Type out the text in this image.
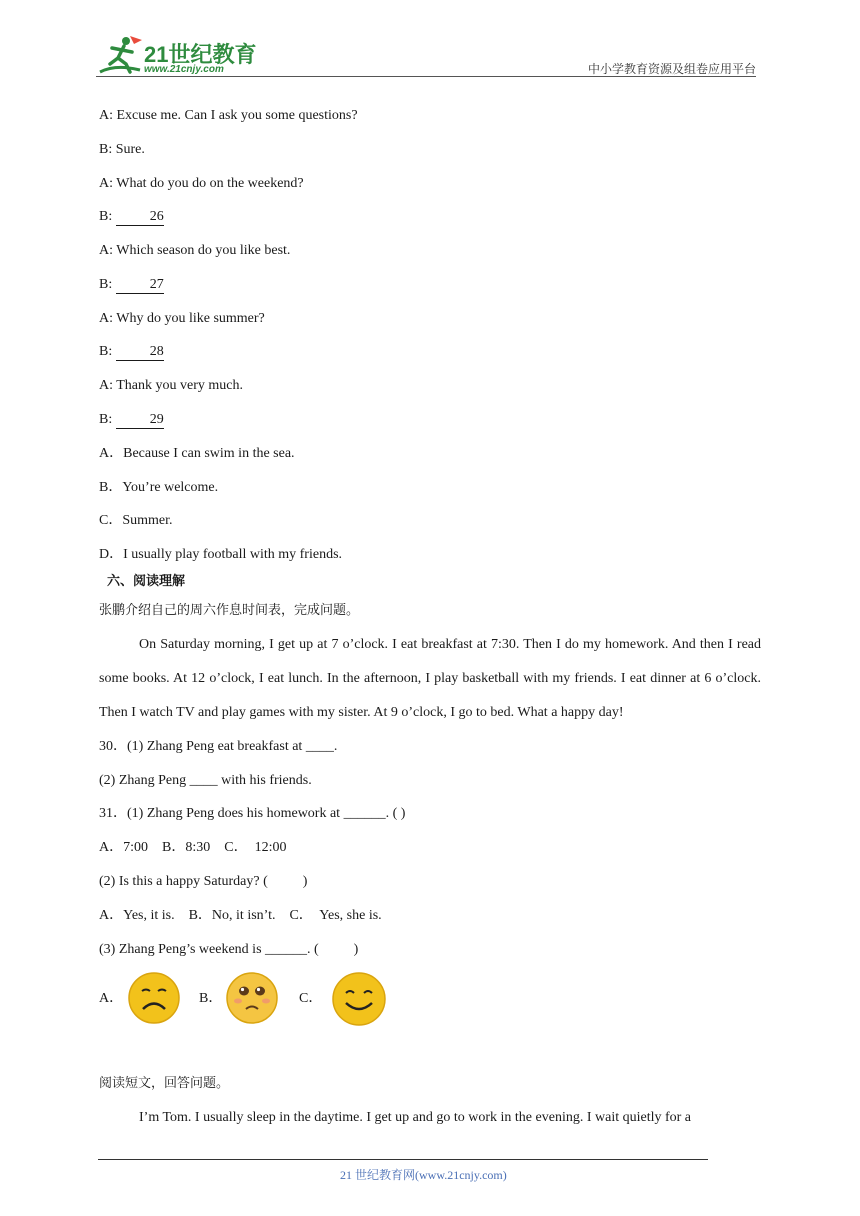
21世纪教育
www.21cnjy.com	中小学教育资源及组卷应用平台
A: Excuse me. Can I ask you some questions?
B: Sure.
A: What do you do on the weekend?
B: 26
A: Which season do you like best.
B: 27
A: Why do you like summer?
B: 28
A: Thank you very much.
B: 29
A．Because I can swim in the sea.
B．You’re welcome.
C．Summer.
D．I usually play football with my friends.
六、阅读理解
张鹏介绍自己的周六作息时间表，完成问题。
On Saturday morning, I get up at 7 o’clock. I eat breakfast at 7:30. Then I do my homework. And then I read some books. At 12 o’clock, I eat lunch. In the afternoon, I play basketball with my friends. I eat dinner at 6 o’clock. Then I watch TV and play games with my sister. At 9 o’clock, I go to bed. What a happy day!
30．(1) Zhang Peng eat breakfast at ____.
(2) Zhang Peng ____ with his friends.
31．(1) Zhang Peng does his homework at ______. ( )
A．7:00    B．8:30    C．  12:00
(2) Is this a happy Saturday? (          )
A．Yes, it is.    B．No, it isn’t.    C．  Yes, she is.
(3) Zhang Peng’s weekend is ______. (          )
A．	B．	C．
阅读短文，回答问题。
I’m Tom. I usually sleep in the daytime. I get up and go to work in the evening. I wait quietly for a
21 世纪教育网(www.21cnjy.com)
